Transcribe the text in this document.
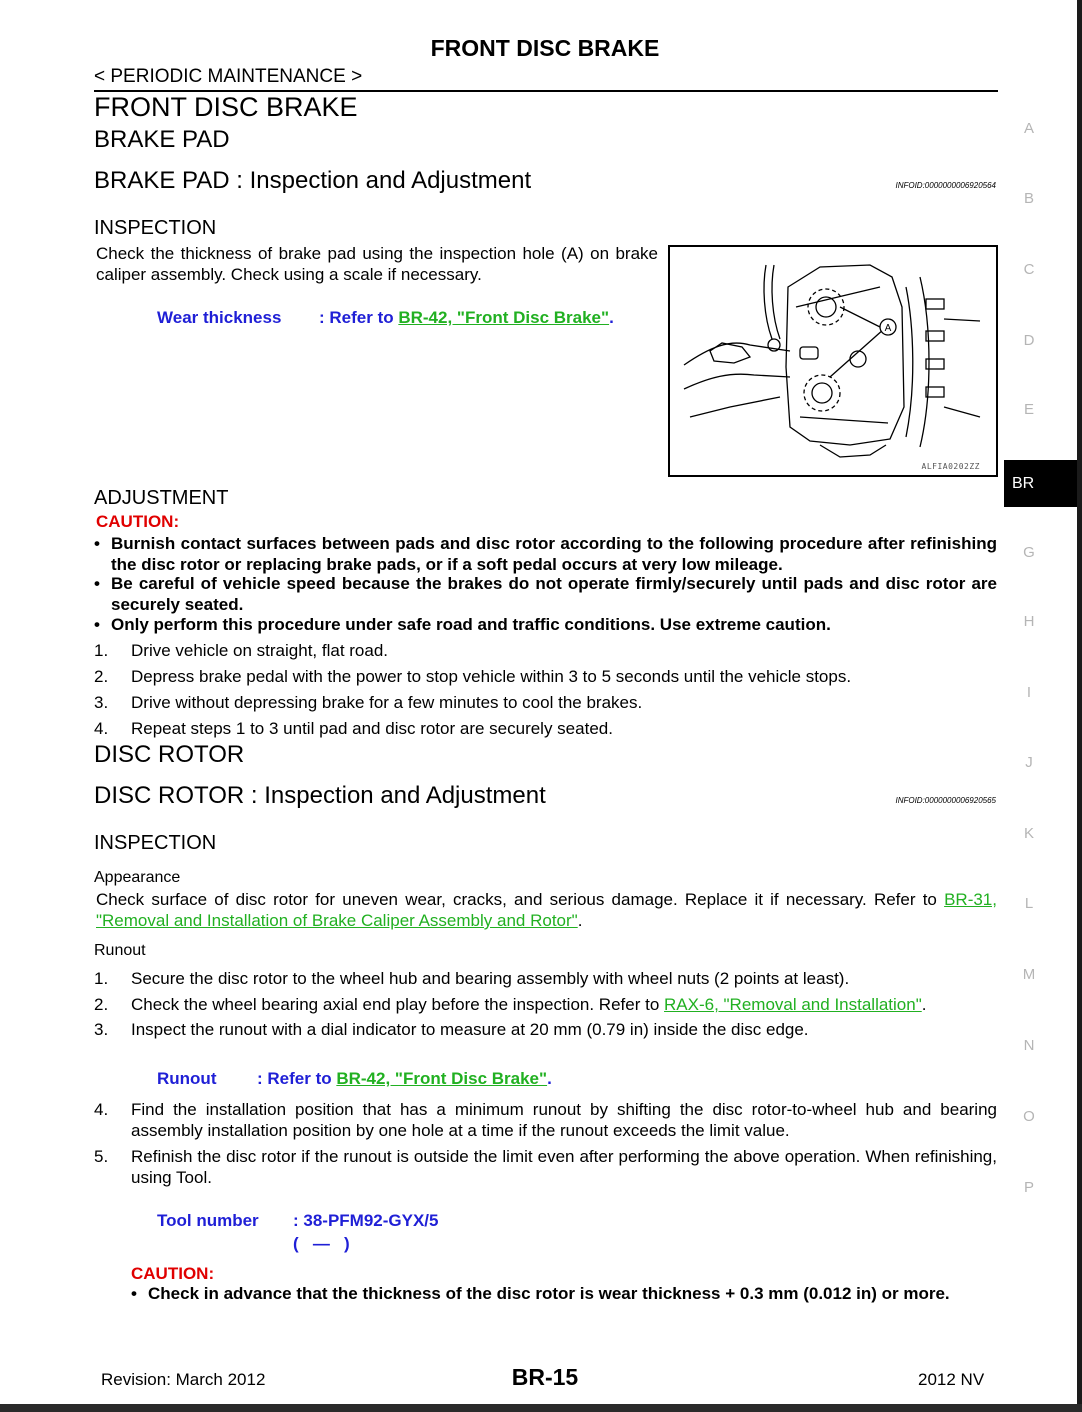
FRONT DISC BRAKE
< PERIODIC MAINTENANCE >
FRONT DISC BRAKE
BRAKE PAD
BRAKE PAD : Inspection and Adjustment	INFOID:0000000006920564
INSPECTION
Check the thickness of brake pad using the inspection hole (A) on brake caliper assembly. Check using a scale if necessary.
Wear thickness : Refer to BR-42, "Front Disc Brake".
A
ALFIA0202ZZ
ADJUSTMENT
CAUTION:
• Burnish contact surfaces between pads and disc rotor according to the following procedure after refinishing the disc rotor or replacing brake pads, or if a soft pedal occurs at very low mileage.
• Be careful of vehicle speed because the brakes do not operate firmly/securely until pads and disc rotor are securely seated.
• Only perform this procedure under safe road and traffic conditions. Use extreme caution.
1. Drive vehicle on straight, flat road.
2. Depress brake pedal with the power to stop vehicle within 3 to 5 seconds until the vehicle stops.
3. Drive without depressing brake for a few minutes to cool the brakes.
4. Repeat steps 1 to 3 until pad and disc rotor are securely seated.
DISC ROTOR
DISC ROTOR : Inspection and Adjustment	INFOID:0000000006920565
INSPECTION
Appearance
Check surface of disc rotor for uneven wear, cracks, and serious damage. Replace it if necessary. Refer to BR-31, "Removal and Installation of Brake Caliper Assembly and Rotor".
Runout
1. Secure the disc rotor to the wheel hub and bearing assembly with wheel nuts (2 points at least).
2. Check the wheel bearing axial end play before the inspection. Refer to RAX-6, "Removal and Installation".
3. Inspect the runout with a dial indicator to measure at 20 mm (0.79 in) inside the disc edge.
Runout : Refer to BR-42, "Front Disc Brake".
4. Find the installation position that has a minimum runout by shifting the disc rotor-to-wheel hub and bearing assembly installation position by one hole at a time if the runout exceeds the limit value.
5. Refinish the disc rotor if the runout is outside the limit even after performing the above operation. When refinishing, using Tool.
Tool number : 38-PFM92-GYX/5
(   —   )
CAUTION:
• Check in advance that the thickness of the disc rotor is wear thickness + 0.3 mm (0.012 in) or more.
A
B
C
D
E
BR
G
H
I
J
K
L
M
N
O
P
Revision: March 2012	BR-15	2012 NV
